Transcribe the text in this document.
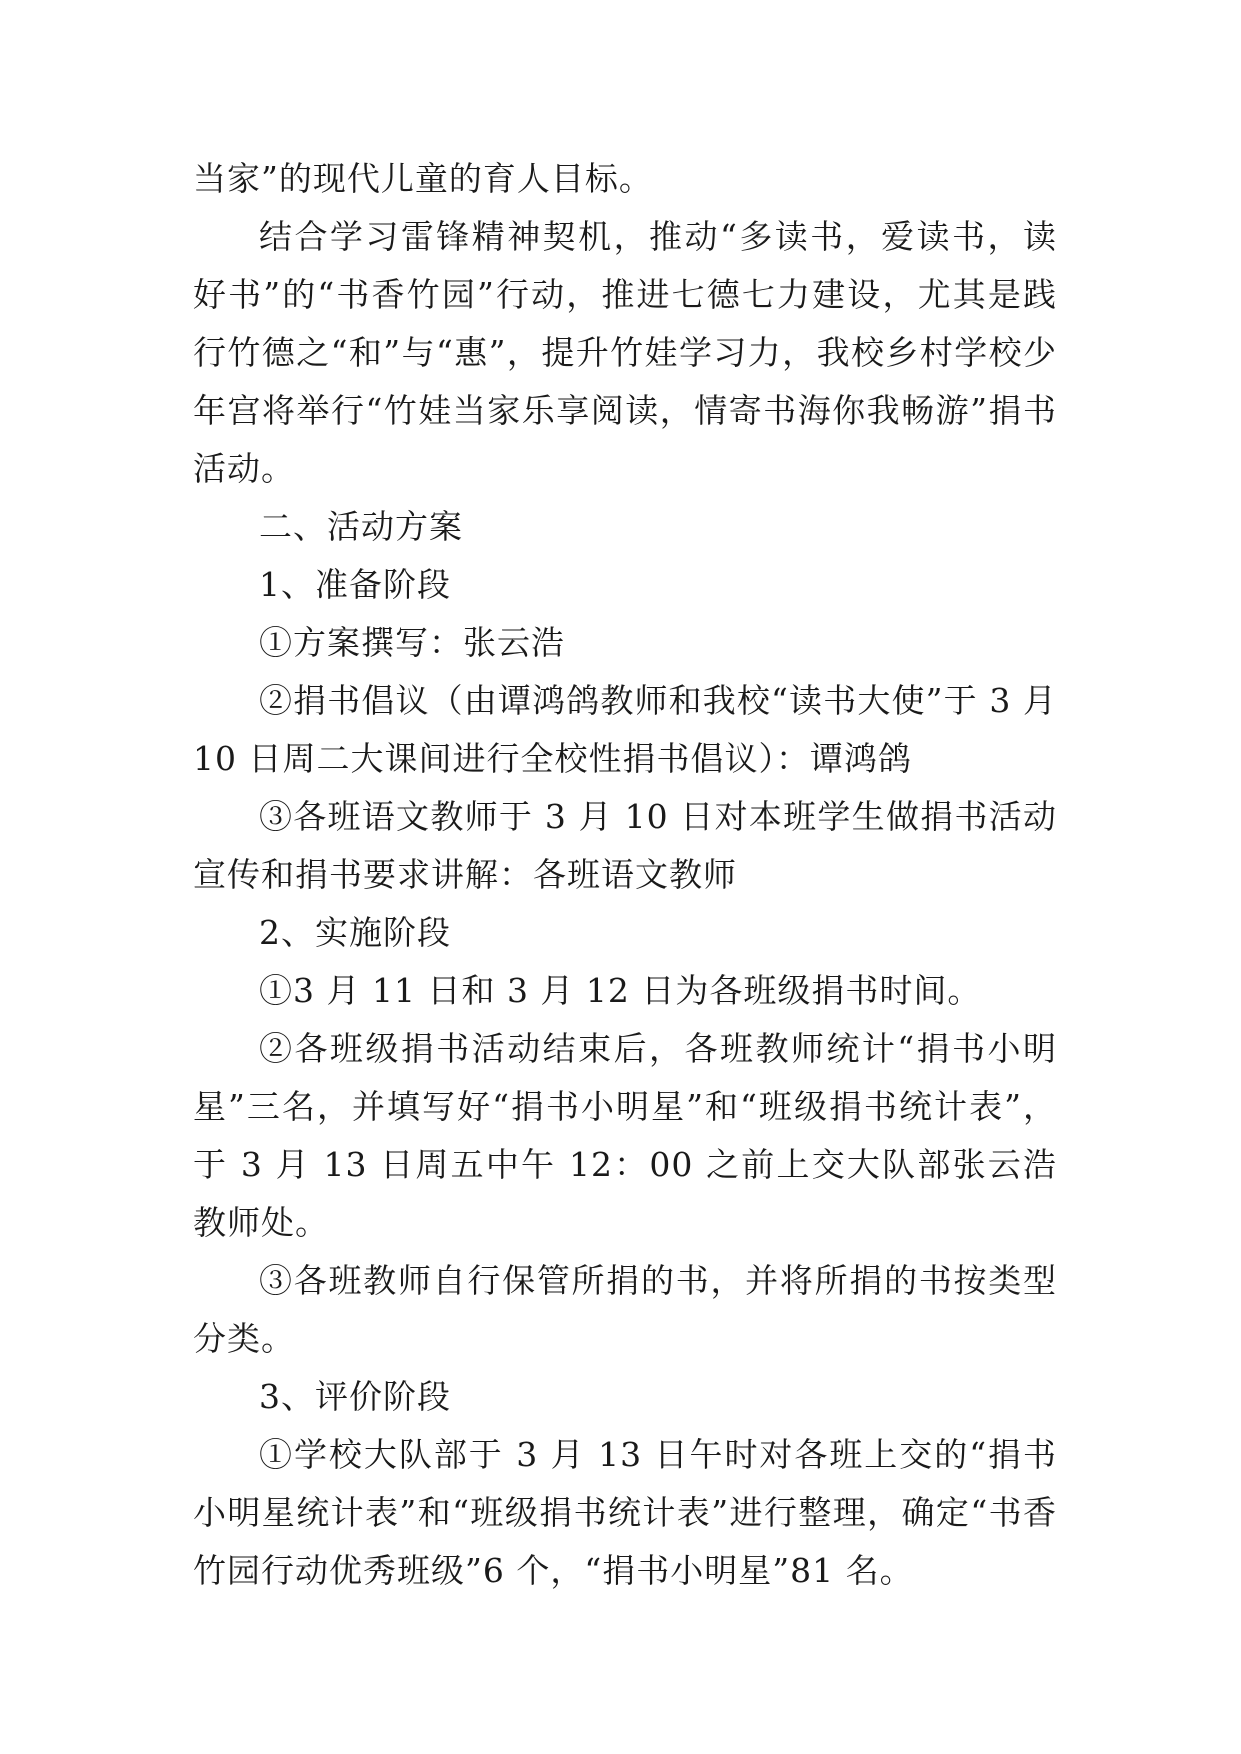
当家”的现代儿童的育人目标。

结合学习雷锋精神契机，推动“多读书，爱读书，读好书”的“书香竹园”行动，推进七德七力建设，尤其是践行竹德之“和”与“惠”，提升竹娃学习力，我校乡村学校少年宫将举行“竹娃当家乐享阅读，情寄书海你我畅游”捐书活动。

二、活动方案

1、准备阶段

①方案撰写：张云浩

②捐书倡议（由谭鸿鸽教师和我校“读书大使”于 3 月 10 日周二大课间进行全校性捐书倡议）：谭鸿鸽

③各班语文教师于 3 月 10 日对本班学生做捐书活动宣传和捐书要求讲解：各班语文教师

2、实施阶段

①3 月 11 日和 3 月 12 日为各班级捐书时间。

②各班级捐书活动结束后，各班教师统计“捐书小明星”三名，并填写好“捐书小明星”和“班级捐书统计表”，于 3 月 13 日周五中午 12：00 之前上交大队部张云浩教师处。

③各班教师自行保管所捐的书，并将所捐的书按类型分类。

3、评价阶段

①学校大队部于 3 月 13 日午时对各班上交的“捐书小明星统计表”和“班级捐书统计表”进行整理，确定“书香竹园行动优秀班级”6 个，“捐书小明星”81 名。
